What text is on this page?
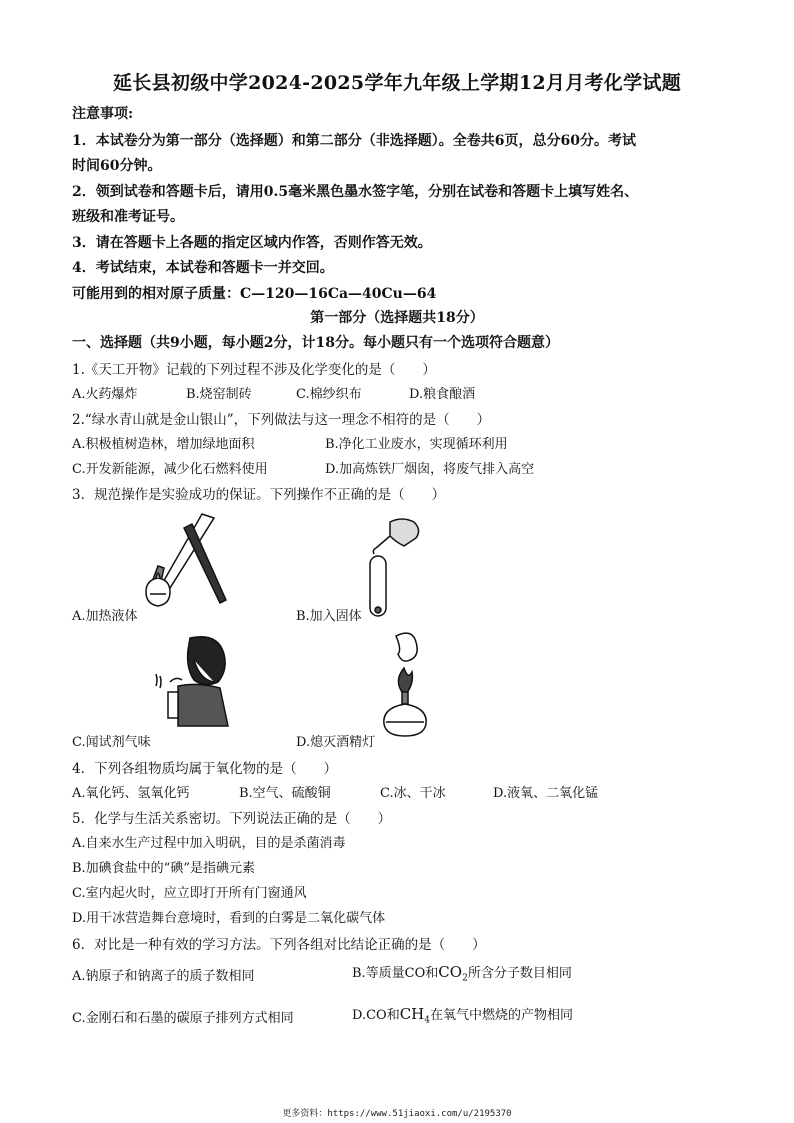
延长县初级中学2024-2025学年九年级上学期12月月考化学试题
注意事项:
1．本试卷分为第一部分（选择题）和第二部分（非选择题）。全卷共6页，总分60分。考试
时间60分钟。
2．领到试卷和答题卡后，请用0.5毫米黑色墨水签字笔，分别在试卷和答题卡上填写姓名、
班级和准考证号。
3．请在答题卡上各题的指定区域内作答，否则作答无效。
4．考试结束，本试卷和答题卡一并交回。
可能用到的相对原子质量：C—120—16Ca—40Cu—64
第一部分（选择题共18分）
一、选择题（共9小题，每小题2分，计18分。每小题只有一个选项符合题意）
1.《天工开物》记载的下列过程不涉及化学变化的是（　　）
A.火药爆炸	B.烧窑制砖	C.棉纱织布	D.粮食酿酒
2.“绿水青山就是金山银山”，下列做法与这一理念不相符的是（　　）
A.积极植树造林，增加绿地面积	B.净化工业废水，实现循环利用
C.开发新能源，减少化石燃料使用	D.加高炼铁厂烟囱，将废气排入高空
3．规范操作是实验成功的保证。下列操作不正确的是（　　）
A.加热液体	B.加入固体
C.闻试剂气味	D.熄灭酒精灯
4．下列各组物质均属于氧化物的是（　　）
A.氧化钙、氢氧化钙	B.空气、硫酸铜	C.冰、干冰	D.液氧、二氧化锰
5．化学与生活关系密切。下列说法正确的是（　　）
A.自来水生产过程中加入明矾，目的是杀菌消毒
B.加碘食盐中的“碘”是指碘元素
C.室内起火时，应立即打开所有门窗通风
D.用干冰营造舞台意境时，看到的白雾是二氧化碳气体
6．对比是一种有效的学习方法。下列各组对比结论正确的是（　　）
A.钠原子和钠离子的质子数相同	B.等质量CO和$CO_2$所含分子数目相同
C.金刚石和石墨的碳原子排列方式相同	D.CO和$CH_4$在氧气中燃烧的产物相同
更多资料：https://www.51jiaoxi.com/u/2195370
